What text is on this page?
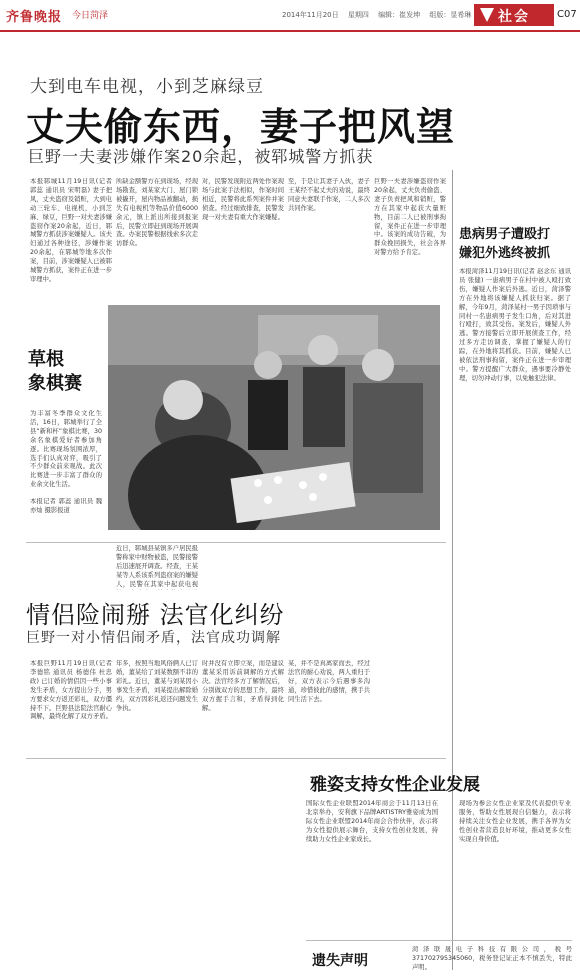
齐鲁晚报 今日菏泽	2014年11月20日 星期四 编辑：崔发坤 组版：显希琳	社会	C07
大到电车电视，小到芝麻绿豆
丈夫偷东西，妻子把风望
巨野一夫妻涉嫌作案20余起，被郓城警方抓获
本报郓城11月19日讯(记者 郭蕊 通讯员 宋明磊) 妻子把风，丈夫盗窃及销赃，大到电动三轮车、电视机，小到芝麻、绿豆，巨野一对夫妻涉嫌盗窃作案20余起，近日，郓城警方抓获涉案嫌疑人。该夫妇通过各种途径，涉嫌作案20余起，在郓城等地多次作案，目前，涉案嫌疑人已被郓城警方抓获，案件正在进一步审理中。
所缺金额警方在到现场，经现场勘查，刘某家大门、屋门锁被撬开，屋内物品被翻动，损失有电视机等物品价值6000余元，镇上派出所接到报案后，民警立即赶到现场开展调查。办案民警根据线索多次走访群众。
对，民警发现附近两处作案现场与此案手法相似，作案时间相近，民警将此系列案件并案侦查。经过细致排查，民警发现一对夫妻有重大作案嫌疑。
至，于是让其妻子入伙，妻子王某经不起丈夫的劝说，最终同意夫妻联手作案，二人多次共同作案。
巨野一夫妻涉嫌盗窃作案20余起，丈夫负责偷盗、妻子负责把风和销赃，警方在其家中起获大量赃物，目前二人已被刑事拘留，案件正在进一步审理中。该案的成功告破，为群众挽回损失，社会各界对警方给予肯定。
患病男子遭殴打
嫌犯外逃终被抓
本报菏泽11月19日讯(记者 赵念东 通讯员 张健) 一患病男子在村中被人殴打致伤，嫌疑人作案后外逃。近日，菏泽警方在外地将该嫌疑人抓获归案。据了解，今年9月，菏泽某村一男子因琐事与同村一名患病男子发生口角，后对其进行殴打，致其受伤。案发后，嫌疑人外逃。警方接警后立即开展侦查工作，经过多方走访调查，掌握了嫌疑人的行踪，在外地将其抓获。目前，嫌疑人已被依法刑事拘留，案件正在进一步审理中。警方提醒广大群众，遇事要冷静处理，切勿冲动行事，以免触犯法律。
草根
象棋赛
为丰富冬季群众文化生活，16日，郓城举行了全县“新和杯”象棋比赛，30余名象棋爱好者参加角逐。比赛现场氛围浓厚，选手们认真对弈，吸引了不少群众前来观战。此次比赛进一步丰富了群众的业余文化生活。
本报记者 郭蕊 通讯员 魏亦灿 摄影报道
近日，郓城县某镇多户居民报警称家中财物被盗，民警接警后迅速展开调查。经查，王某某等人系该系列盗窃案的嫌疑人，民警在其家中起获电视
情侣险闹掰 法官化纠纷
巨野一对小情侣闹矛盾，法官成功调解
本报巨野11月19日讯(记者 李德铭 通讯员 杨德伟 杜忠政) 已订婚的情侣因一些小事发生矛盾，女方提出分手，男方要求女方返还彩礼，双方僵持不下。巨野县法院法官耐心调解，最终化解了双方矛盾。
年多，按照当地风俗俩人已订婚，董某给了刘某数额不菲的彩礼。近日，董某与刘某因小事发生矛盾，刘某提出解除婚约，双方因彩礼返还问题发生争执。
时并没有立即立案，而是建议董某采用诉前调解的方式解决。法官经多方了解情况后，分别做双方的思想工作，最终双方握手言和，矛盾得到化解。
某，并不是真离家而去，经过法官的耐心劝说，两人重归于好，双方表示今后遇事多沟通，珍惜彼此的感情，携手共同生活下去。
雅姿支持女性企业发展
国际女性企业联盟2014年商会于11月13日在北京举办，安利旗下品牌ARTISTRY雅姿成为国际女性企业联盟2014年商会合作伙伴，表示将为女性提供展示舞台，支持女性创业发展，持续助力女性企业家成长。
现场为参会女性企业家及代表提供专业服务，帮助女性展现自信魅力，表示将持续关注女性企业发展，携手各界为女性创业者营造良好环境，推动更多女性实现自身价值。
遗失声明
菏泽联晟电子科技有限公司，税号371702795345060，税务登记证正本不慎丢失，特此声明。
